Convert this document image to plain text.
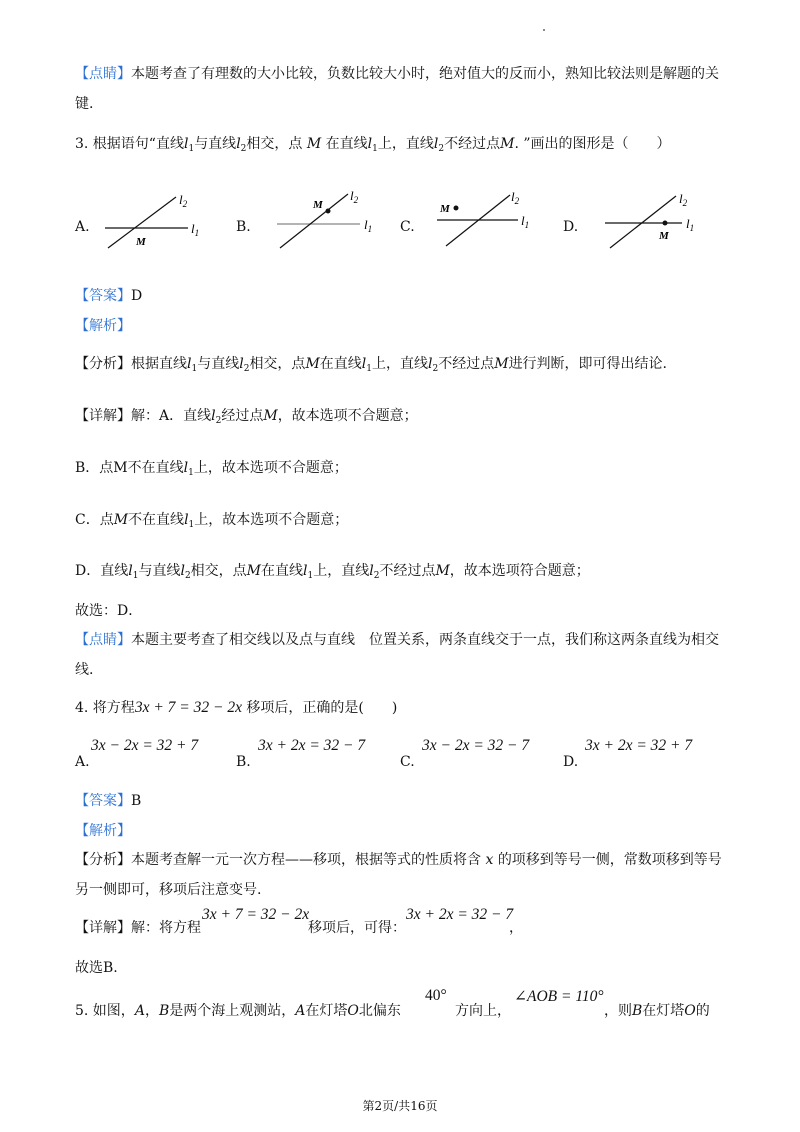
【点睛】本题考查了有理数的大小比较，负数比较大小时，绝对值大的反而小，熟知比较法则是解题的关
键.
3. 根据语句“直线$l_1$与直线$l_2$相交，点 M 在直线$l_1$上，直线$l_2$不经过点M. ”画出的图形是（　　）
A.	B.	C.	D.
$l_2$
$l_1$
M
$l_2$
$l_1$
M
$l_2$
$l_1$
M
$l_2$
$l_1$
M
【答案】D
【解析】
【分析】根据直线$l_1$与直线$l_2$相交，点M在直线$l_1$上，直线$l_2$不经过点M进行判断，即可得出结论.
【详解】解：A．直线$l_2$经过点M，故本选项不合题意；
B．点M不在直线$l_1$上，故本选项不合题意；
C．点M不在直线$l_1$上，故本选项不合题意；
D．直线$l_1$与直线$l_2$相交，点M在直线$l_1$上，直线$l_2$不经过点M，故本选项符合题意；
故选：D．
【点睛】本题主要考查了相交线以及点与直线　位置关系，两条直线交于一点，我们称这两条直线为相交
线.
4. 将方程3x + 7 = 32 − 2x 移项后，正确的是(　　)
3x − 2x = 32 + 7
A.
3x + 2x = 32 − 7
B.
3x − 2x = 32 − 7
C.
3x + 2x = 32 + 7
D.
【答案】B
【解析】
【分析】本题考查解一元一次方程——移项，根据等式的性质将含 x 的项移到等号一侧，常数项移到等号
另一侧即可，移项后注意变号.
【详解】解：将方程
3x + 7 = 32 − 2x
移项后，可得：
3x + 2x = 32 − 7
，
故选B.
5. 如图，A，B是两个海上观测站，A在灯塔O北偏东
40°
方向上，
∠AOB = 110°
，则B在灯塔O的
第2页/共16页
